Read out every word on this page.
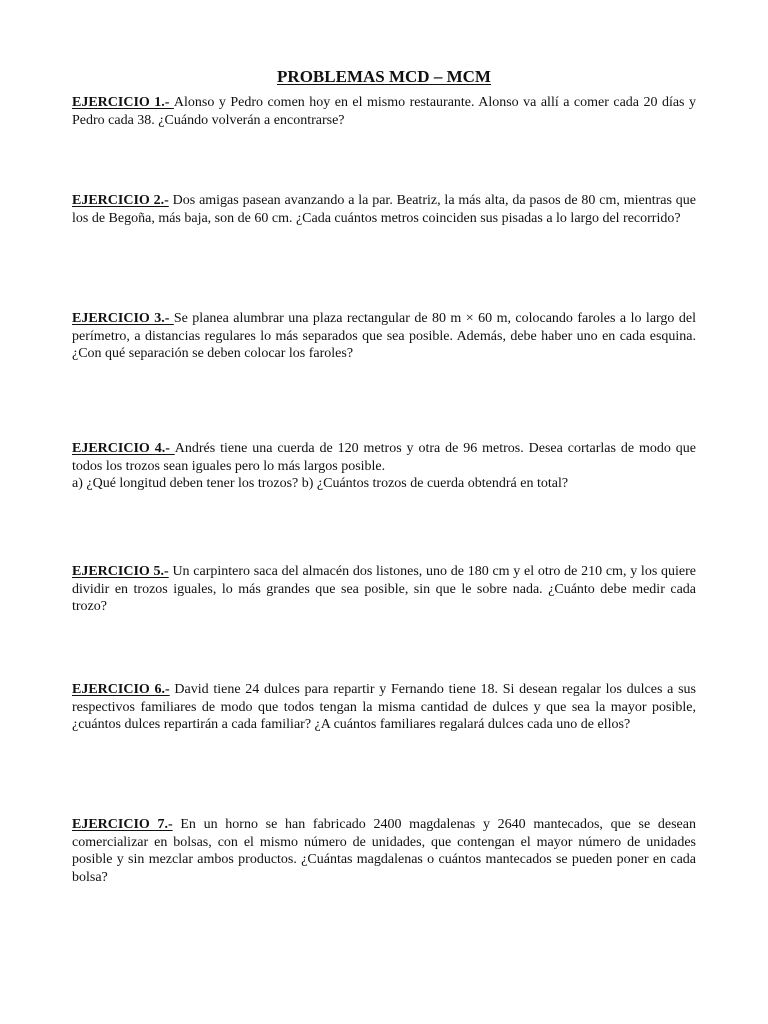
PROBLEMAS MCD – MCM
EJERCICIO 1.- Alonso y Pedro comen hoy en el mismo restaurante. Alonso va allí a comer cada 20 días y Pedro cada 38. ¿Cuándo volverán a encontrarse?
EJERCICIO 2.- Dos amigas pasean avanzando a la par. Beatriz, la más alta, da pasos de 80 cm, mientras que los de Begoña, más baja, son de 60 cm. ¿Cada cuántos metros coinciden sus pisadas a lo largo del recorrido?
EJERCICIO 3.- Se planea alumbrar una plaza rectangular de 80 m × 60 m, colocando faroles a lo largo del perímetro, a distancias regulares lo más separados que sea posible. Además, debe haber uno en cada esquina. ¿Con qué separación se deben colocar los faroles?
EJERCICIO 4.- Andrés tiene una cuerda de 120 metros y otra de 96 metros. Desea cortarlas de modo que todos los trozos sean iguales pero lo más largos posible.
a) ¿Qué longitud deben tener los trozos? b) ¿Cuántos trozos de cuerda obtendrá en total?
EJERCICIO 5.- Un carpintero saca del almacén dos listones, uno de 180 cm y el otro de 210 cm, y los quiere dividir en trozos iguales, lo más grandes que sea posible, sin que le sobre nada. ¿Cuánto debe medir cada trozo?
EJERCICIO 6.- David tiene 24 dulces para repartir y Fernando tiene 18. Si desean regalar los dulces a sus respectivos familiares de modo que todos tengan la misma cantidad de dulces y que sea la mayor posible, ¿cuántos dulces repartirán a cada familiar? ¿A cuántos familiares regalará dulces cada uno de ellos?
EJERCICIO 7.- En un horno se han fabricado 2400 magdalenas y 2640 mantecados, que se desean comercializar en bolsas, con el mismo número de unidades, que contengan el mayor número de unidades posible y sin mezclar ambos productos. ¿Cuántas magdalenas o cuántos mantecados se pueden poner en cada bolsa?
